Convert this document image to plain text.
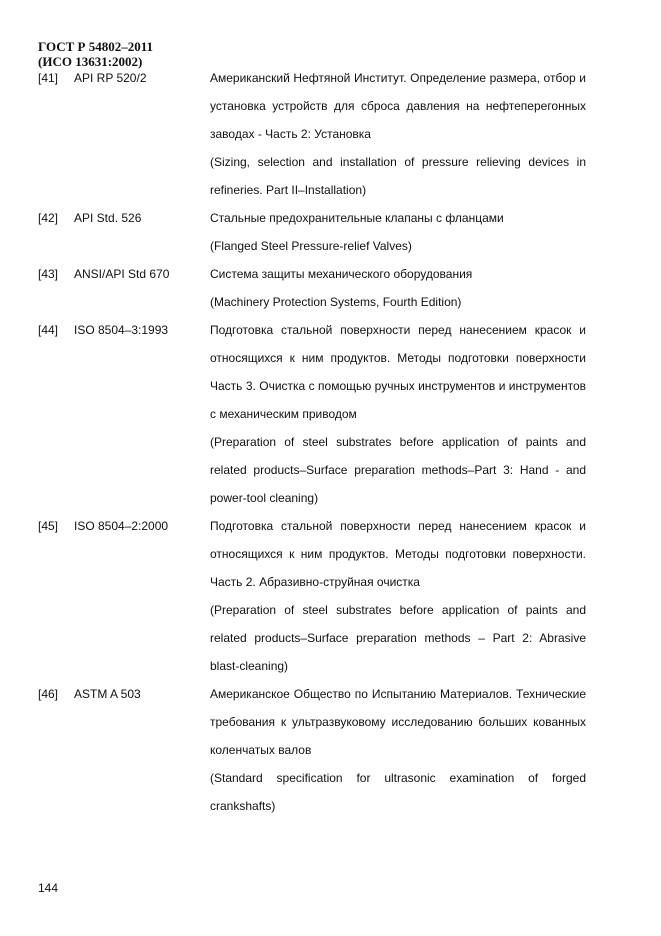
ГОСТ Р 54802–2011
(ИСО 13631:2002)
[41]	API RP 520/2	Американский Нефтяной Институт. Определение размера, отбор и установка устройств для сброса давления на нефтеперегонных заводах - Часть 2: Установка

(Sizing, selection and installation of pressure relieving devices in refineries. Part II–Installation)

[42]	API Std. 526	Стальные предохранительные клапаны с фланцами

(Flanged Steel Pressure-relief Valves)

[43]	ANSI/API Std 670	Система защиты механического оборудования

(Machinery Protection Systems, Fourth Edition)

[44]	ISO 8504–3:1993	Подготовка стальной поверхности перед нанесением красок и относящихся к ним продуктов. Методы подготовки поверхности Часть 3. Очистка с помощью ручных инструментов и инструментов с механическим приводом

(Preparation of steel substrates before application of paints and related products–Surface preparation methods–Part 3: Hand - and power-tool cleaning)

[45]	ISO 8504–2:2000	Подготовка стальной поверхности перед нанесением красок и относящихся к ним продуктов. Методы подготовки поверхности. Часть 2. Абразивно-струйная очистка

(Preparation of steel substrates before application of paints and related products–Surface preparation methods – Part 2: Abrasive blast-cleaning)

[46]	ASTM A 503	Американское Общество по Испытанию Материалов. Технические требования к ультразвуковому исследованию больших кованных коленчатых валов

(Standard specification for ultrasonic examination of forged crankshafts)

144
